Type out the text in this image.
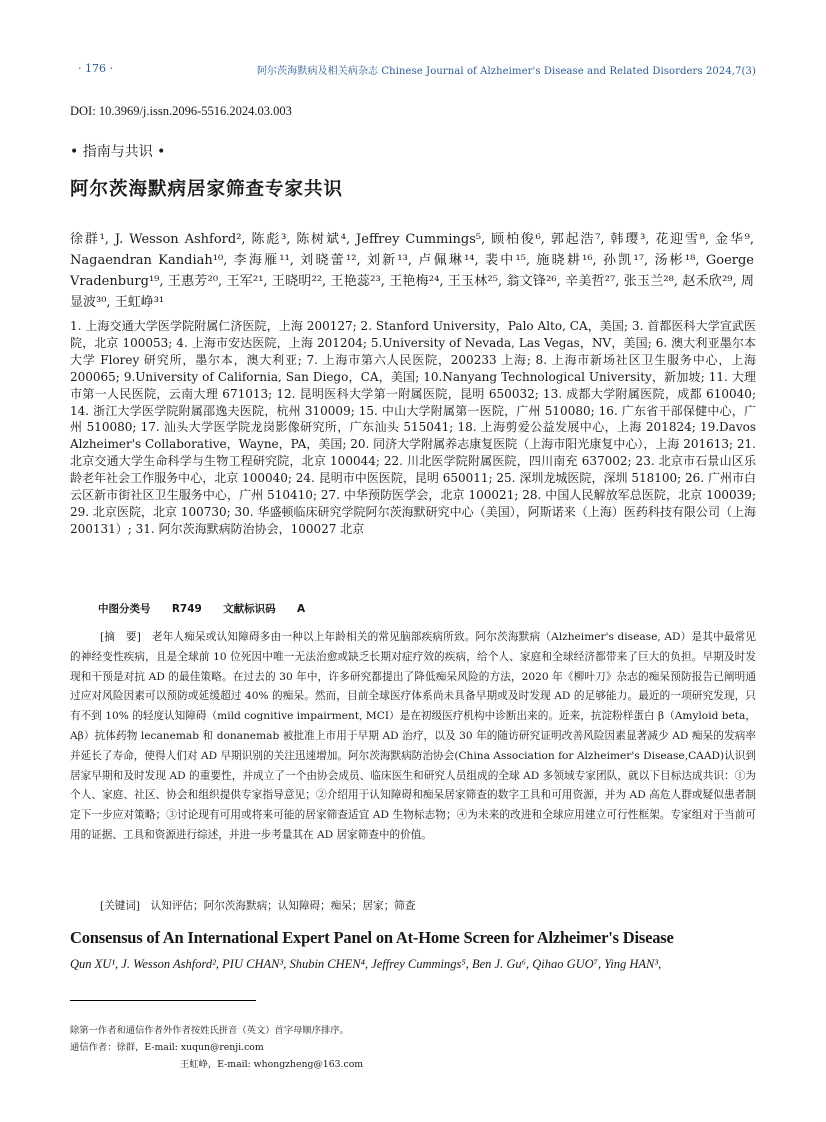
· 176 ·	阿尔茨海默病及相关病杂志 Chinese Journal of Alzheimer's Disease and Related Disorders 2024,7(3)
DOI: 10.3969/j.issn.2096-5516.2024.03.003
• 指南与共识 •
阿尔茨海默病居家筛查专家共识
徐群¹, J. Wesson Ashford², 陈彪³, 陈树斌⁴, Jeffrey Cummings⁵, 顾柏俊⁶, 郭起浩⁷, 韩璎³, 花迎雪⁸, 金华⁹, Nagaendran Kandiah¹⁰, 李海雁¹¹, 刘晓蕾¹², 刘新¹³, 卢佩琳¹⁴, 裴中¹⁵, 施晓耕¹⁶, 孙凯¹⁷, 汤彬¹⁸, Goerge Vradenburg¹⁹, 王惠芳²⁰, 王军²¹, 王晓明²², 王艳蕊²³, 王艳梅²⁴, 王玉林²⁵, 翁文锋²⁶, 辛美哲²⁷, 张玉兰²⁸, 赵禾欣²⁹, 周显波³⁰, 王虹峥³¹

1. 上海交通大学医学院附属仁济医院，上海 200127; 2. Stanford University，Palo Alto, CA，美国; 3. 首都医科大学宣武医院，北京 100053; 4. 上海市安达医院，上海 201204; 5.University of Nevada, Las Vegas，NV，美国; 6. 澳大利亚墨尔本大学 Florey 研究所，墨尔本，澳大利亚; 7. 上海市第六人民医院，200233 上海; 8. 上海市新场社区卫生服务中心，上海 200065; 9.University of California, San Diego，CA，美国; 10.Nanyang Technological University，新加坡; 11. 大理市第一人民医院，云南大理 671013; 12. 昆明医科大学第一附属医院，昆明 650032; 13. 成都大学附属医院，成都 610040; 14. 浙江大学医学院附属邵逸夫医院，杭州 310009; 15. 中山大学附属第一医院，广州 510080; 16. 广东省干部保健中心，广州 510080; 17. 汕头大学医学院龙岗影像研究所，广东汕头 515041; 18. 上海剪爱公益发展中心，上海 201824; 19.Davos Alzheimer's Collaborative，Wayne，PA，美国; 20. 同济大学附属养志康复医院（上海市阳光康复中心），上海 201613; 21. 北京交通大学生命科学与生物工程研究院，北京 100044; 22. 川北医学院附属医院，四川南充 637002; 23. 北京市石景山区乐龄老年社会工作服务中心，北京 100040; 24. 昆明市中医医院，昆明 650011; 25. 深圳龙城医院，深圳 518100; 26. 广州市白云区新市街社区卫生服务中心，广州 510410; 27. 中华预防医学会，北京 100021; 28. 中国人民解放军总医院，北京 100039; 29. 北京医院，北京 100730; 30. 华盛顿临床研究学院阿尔茨海默研究中心（美国），阿斯诺来（上海）医药科技有限公司（上海 200131）; 31. 阿尔茨海默病防治协会，100027 北京

中图分类号 R749 文献标识码 A

[摘　要]　老年人痴呆或认知障碍多由一种以上年龄相关的常见脑部疾病所致。阿尔茨海默病（Alzheimer's disease, AD）是其中最常见的神经变性疾病，且是全球前 10 位死因中唯一无法治愈或缺乏长期对症疗效的疾病，给个人、家庭和全球经济都带来了巨大的负担。早期及时发现和干预是对抗 AD 的最佳策略。在过去的 30 年中，许多研究都提出了降低痴呆风险的方法，2020 年《柳叶刀》杂志的痴呆预防报告已阐明通过应对风险因素可以预防或延缓超过 40% 的痴呆。然而，目前全球医疗体系尚未具备早期或及时发现 AD 的足够能力。最近的一项研究发现，只有不到 10% 的轻度认知障碍（mild cognitive impairment, MCI）是在初级医疗机构中诊断出来的。近来，抗淀粉样蛋白 β（Amyloid beta，Aβ）抗体药物 lecanemab 和 donanemab 被批准上市用于早期 AD 治疗，以及 30 年的随访研究证明改善风险因素显著减少 AD 痴呆的发病率并延长了寿命，使得人们对 AD 早期识别的关注迅速增加。阿尔茨海默病防治协会(China Association for Alzheimer's Disease,CAAD)认识到居家早期和及时发现 AD 的重要性，并成立了一个由协会成员、临床医生和研究人员组成的全球 AD 多领域专家团队，就以下目标达成共识：①为个人、家庭、社区、协会和组织提供专家指导意见；②介绍用于认知障碍和痴呆居家筛查的数字工具和可用资源，并为 AD 高危人群或疑似患者制定下一步应对策略；③讨论现有可用或将来可能的居家筛查适宜 AD 生物标志物；④为未来的改进和全球应用建立可行性框架。专家组对于当前可用的证据、工具和资源进行综述，并进一步考量其在 AD 居家筛查中的价值。

[关键词]　认知评估；阿尔茨海默病；认知障碍；痴呆；居家；筛查
Consensus of An International Expert Panel on At-Home Screen for Alzheimer's Disease
Qun XU¹, J. Wesson Ashford², PIU CHAN³, Shubin CHEN⁴, Jeffrey Cummings⁵, Ben J. Gu⁶, Qihao GUO⁷, Ying HAN³,

除第一作者和通信作者外作者按姓氏拼音（英文）首字母顺序排序。

通信作者：徐群，E-mail: xuqun@renji.com

王虹峥，E-mail: whongzheng@163.com
